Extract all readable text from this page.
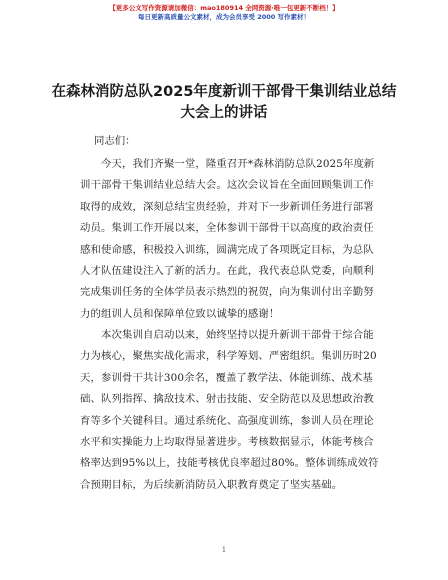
【更多公文写作资源请加微信：mao180914 全网资源·唯一包更新不断档！】
每日更新高质量公文素材，成为会员享受 2000 写作素材！
在森林消防总队2025年度新训干部骨干集训结业总结大会上的讲话
同志们：
今天，我们齐聚一堂，隆重召开*森林消防总队2025年度新训干部骨干集训结业总结大会。这次会议旨在全面回顾集训工作取得的成效，深刻总结宝贵经验，并对下一步新训任务进行部署动员。集训工作开展以来，全体参训干部骨干以高度的政治责任感和使命感，积极投入训练，圆满完成了各项既定目标，为总队人才队伍建设注入了新的活力。在此，我代表总队党委，向顺利完成集训任务的全体学员表示热烈的祝贺，向为集训付出辛勤努力的组训人员和保障单位致以诚挚的感谢！
本次集训自启动以来，始终坚持以提升新训干部骨干综合能力为核心，聚焦实战化需求，科学筹划、严密组织。集训历时20天，参训骨干共计300余名，覆盖了教学法、体能训练、战术基础、队列指挥、擒敌技术、射击技能、安全防范以及思想政治教育等多个关键科目。通过系统化、高强度训练，参训人员在理论水平和实操能力上均取得显著进步。考核数据显示，体能考核合格率达到95%以上，技能考核优良率超过80%。整体训练成效符合预期目标，为后续新消防员入职教育奠定了坚实基础。
1
